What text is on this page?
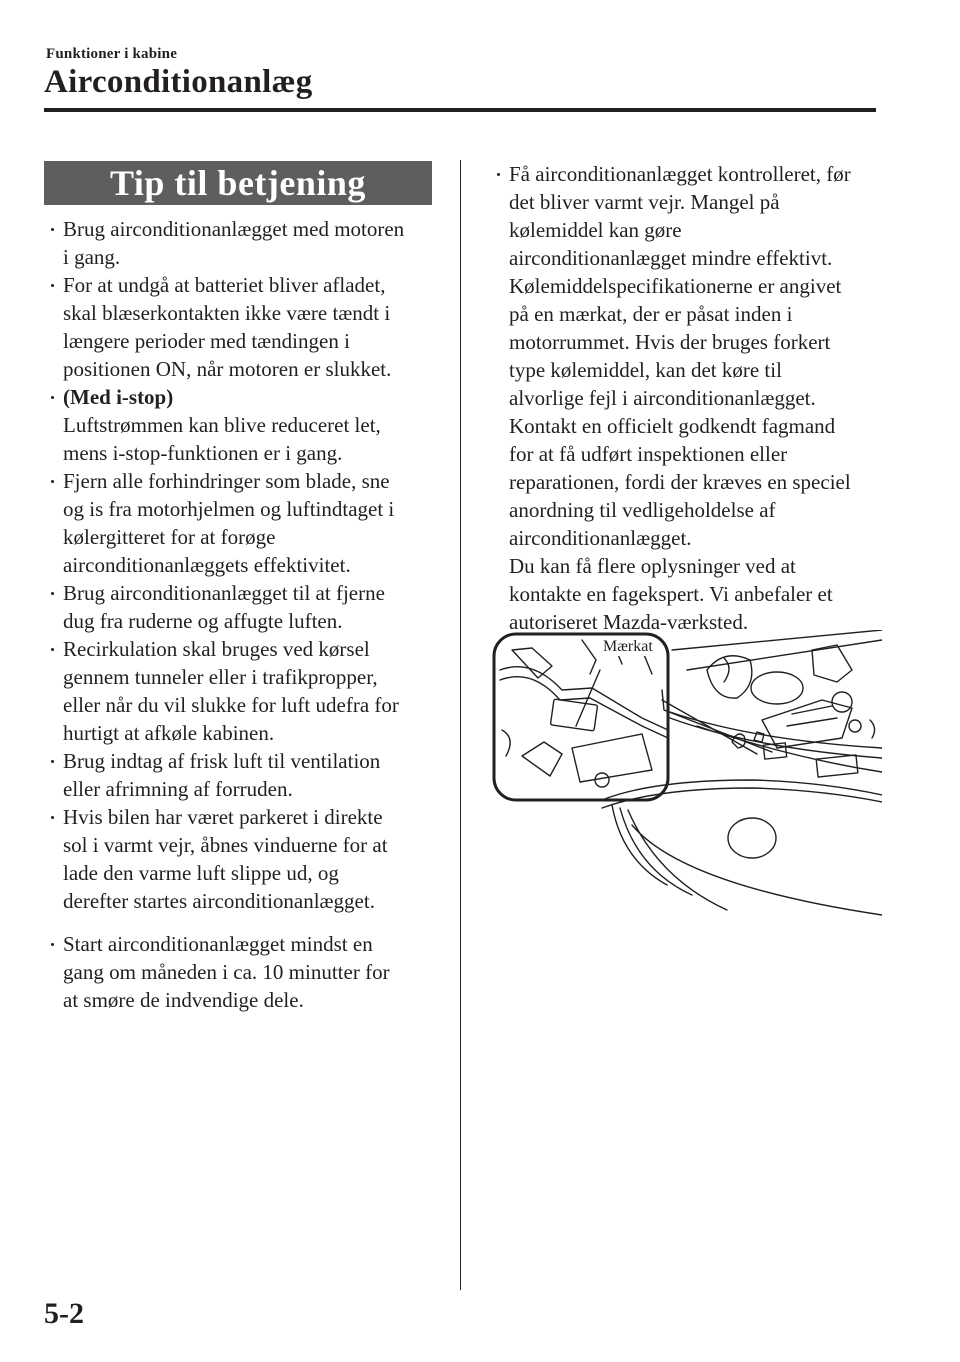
Funktioner i kabine
Airconditionanlæg
Tip til betjening
Brug airconditionanlægget med motoren
i gang.
For at undgå at batteriet bliver afladet,
skal blæserkontakten ikke være tændt i
længere perioder med tændingen i
positionen ON, når motoren er slukket.
(Med i-stop)
Luftstrømmen kan blive reduceret let,
mens i-stop-funktionen er i gang.
Fjern alle forhindringer som blade, sne
og is fra motorhjelmen og luftindtaget i
kølergitteret for at forøge
airconditionanlæggets effektivitet.
Brug airconditionanlægget til at fjerne
dug fra ruderne og affugte luften.
Recirkulation skal bruges ved kørsel
gennem tunneler eller i trafikpropper,
eller når du vil slukke for luft udefra for
hurtigt at afkøle kabinen.
Brug indtag af frisk luft til ventilation
eller afrimning af forruden.
Hvis bilen har været parkeret i direkte
sol i varmt vejr, åbnes vinduerne for at
lade den varme luft slippe ud, og
derefter startes airconditionanlægget.
Start airconditionanlægget mindst en
gang om måneden i ca. 10 minutter for
at smøre de indvendige dele.
Få airconditionanlægget kontrolleret, før
det bliver varmt vejr. Mangel på
kølemiddel kan gøre
airconditionanlægget mindre effektivt.
Kølemiddelspecifikationerne er angivet
på en mærkat, der er påsat inden i
motorrummet. Hvis der bruges forkert
type kølemiddel, kan det køre til
alvorlige fejl i airconditionanlægget.
Kontakt en officielt godkendt fagmand
for at få udført inspektionen eller
reparationen, fordi der kræves en speciel
anordning til vedligeholdelse af
airconditionanlægget.
Du kan få flere oplysninger ved at
kontakte en fagekspert. Vi anbefaler et
autoriseret Mazda-værksted.
Mærkat
5-2
